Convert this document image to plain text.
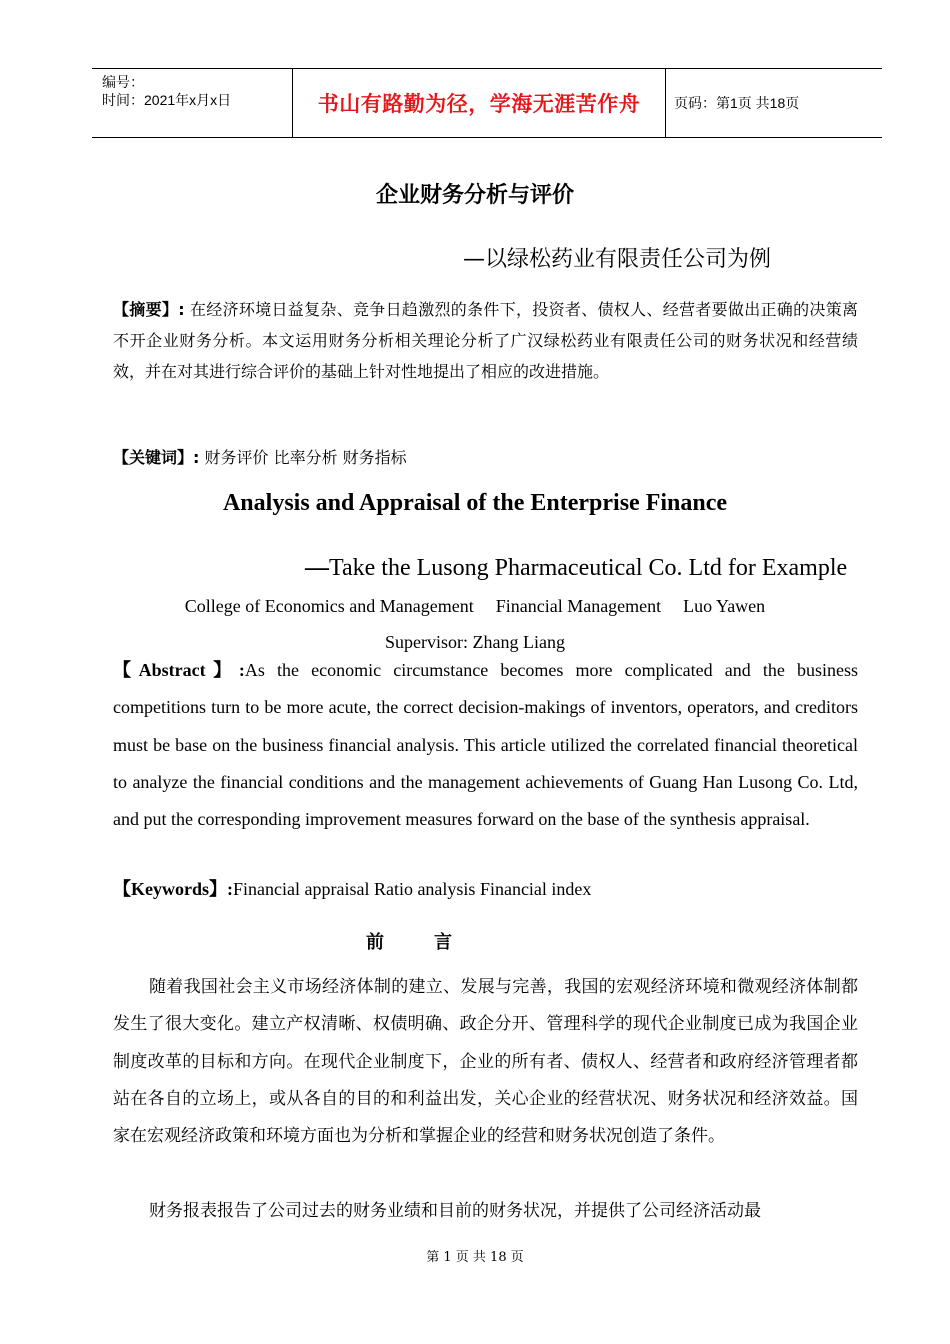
编号：
时间：2021年x月x日	书山有路勤为径，学海无涯苦作舟	页码：第1页 共18页
企业财务分析与评价
—以绿松药业有限责任公司为例
【摘要】: 在经济环境日益复杂、竞争日趋激烈的条件下，投资者、债权人、经营者要做出正确的决策离不开企业财务分析。本文运用财务分析相关理论分析了广汉绿松药业有限责任公司的财务状况和经营绩效，并在对其进行综合评价的基础上针对性地提出了相应的改进措施。
【关键词】: 财务评价 比率分析 财务指标
Analysis and Appraisal of the Enterprise Finance
—Take the Lusong Pharmaceutical Co. Ltd for Example
College of Economics and Management Financial Management Luo Yawen
Supervisor: Zhang Liang
【Abstract】:As the economic circumstance becomes more complicated and the business competitions turn to be more acute, the correct decision-makings of inventors, operators, and creditors must be base on the business financial analysis. This article utilized the correlated financial theoretical to analyze the financial conditions and the management achievements of Guang Han Lusong Co. Ltd, and put the corresponding improvement measures forward on the base of the synthesis appraisal.
【Keywords】:Financial appraisal Ratio analysis Financial index
前言
随着我国社会主义市场经济体制的建立、发展与完善，我国的宏观经济环境和微观经济体制都发生了很大变化。建立产权清晰、权债明确、政企分开、管理科学的现代企业制度已成为我国企业制度改革的目标和方向。在现代企业制度下，企业的所有者、债权人、经营者和政府经济管理者都站在各自的立场上，或从各自的目的和利益出发，关心企业的经营状况、财务状况和经济效益。国家在宏观经济政策和环境方面也为分析和掌握企业的经营和财务状况创造了条件。
财务报表报告了公司过去的财务业绩和目前的财务状况，并提供了公司经济活动最
第 1 页 共 18 页
